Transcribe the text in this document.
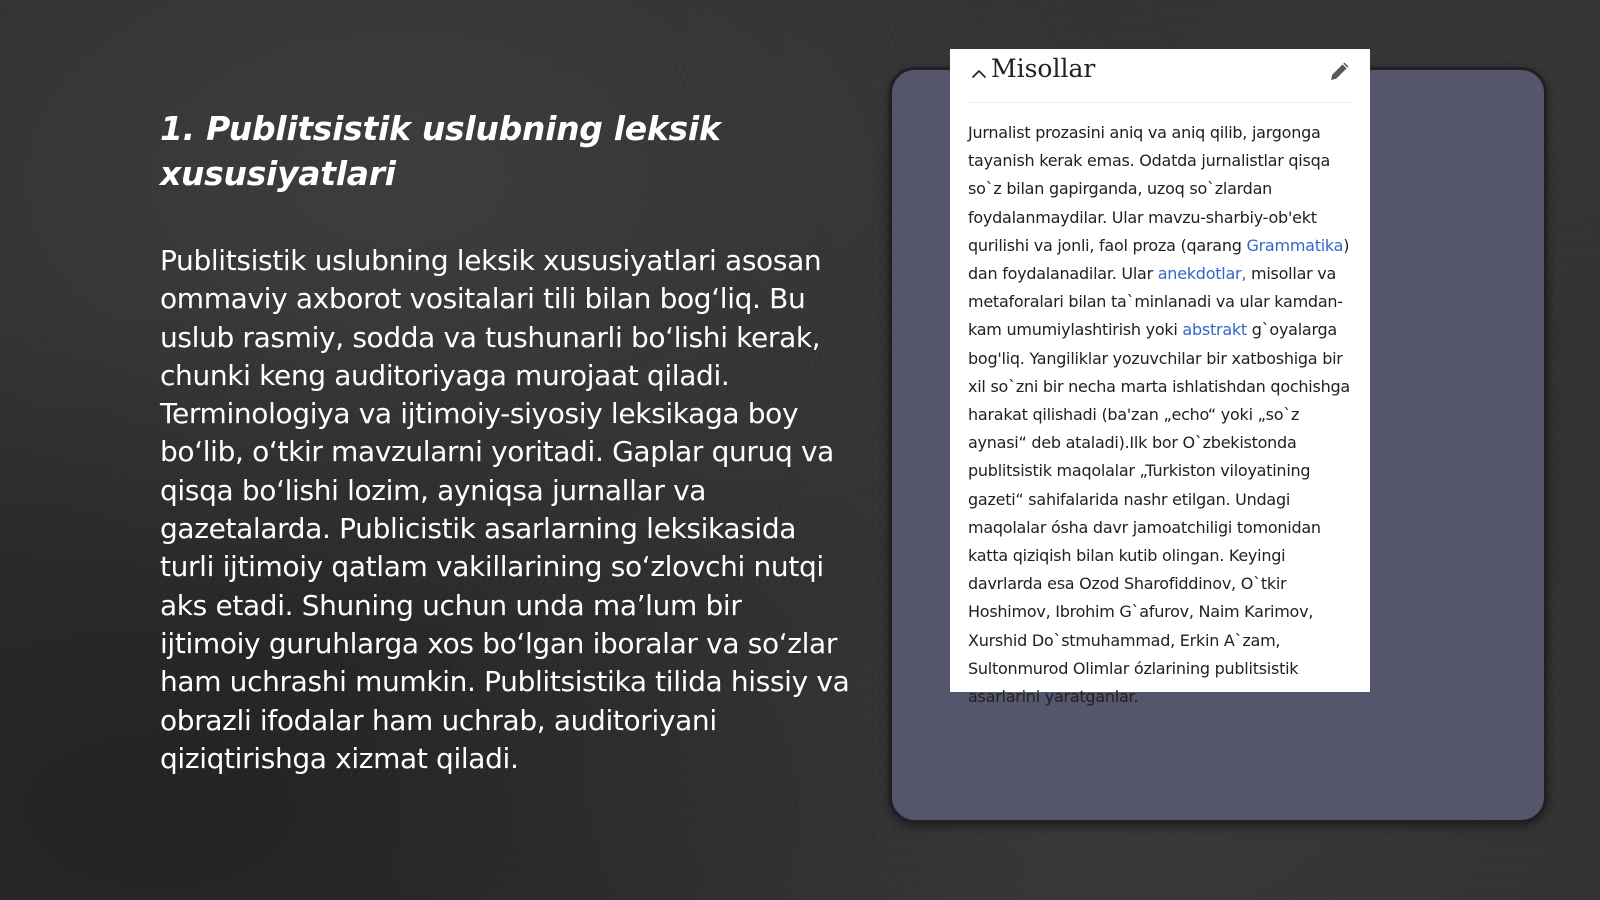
1. Publitsistik uslubning leksik xususiyatlari

Publitsistik uslubning leksik xususiyatlari asosan ommaviy axborot vositalari tili bilan bog‘liq. Bu uslub rasmiy, sodda va tushunarli bo‘lishi kerak, chunki keng auditoriyaga murojaat qiladi. Terminologiya va ijtimoiy-siyosiy leksikaga boy bo‘lib, o‘tkir mavzularni yoritadi. Gaplar quruq va qisqa bo‘lishi lozim, ayniqsa jurnallar va gazetalarda. Publicistik asarlarning leksikasida turli ijtimoiy qatlam vakillarining so‘zlovchi nutqi aks etadi. Shuning uchun unda ma’lum bir ijtimoiy guruhlarga xos bo‘lgan iboralar va so‘zlar ham uchrashi mumkin. Publitsistika tilida hissiy va obrazli ifodalar ham uchrab, auditoriyani qiziqtirishga xizmat qiladi.

Misollar

Jurnalist prozasini aniq va aniq qilib, jargonga tayanish kerak emas. Odatda jurnalistlar qisqa so`z bilan gapirganda, uzoq so`zlardan foydalanmaydilar. Ular mavzu-sharbiy-ob'ekt qurilishi va jonli, faol proza (qarang Grammatika) dan foydalanadilar. Ular anekdotlar, misollar va metaforalari bilan ta`minlanadi va ular kamdan-kam umumiylashtirish yoki abstrakt g`oyalarga bog'liq. Yangiliklar yozuvchilar bir xatboshiga bir xil so`zni bir necha marta ishlatishdan qochishga harakat qilishadi (ba'zan „echo“ yoki „so`z aynasi“ deb ataladi).Ilk bor O`zbekistonda publitsistik maqolalar „Turkiston viloyatining gazeti“ sahifalarida nashr etilgan. Undagi maqolalar ósha davr jamoatchiligi tomonidan katta qiziqish bilan kutib olingan. Keyingi davrlarda esa Ozod Sharofiddinov, O`tkir Hoshimov, Ibrohim G`afurov, Naim Karimov, Xurshid Do`stmuhammad, Erkin A`zam, Sultonmurod Olimlar ózlarining publitsistik asarlarini yaratganlar.
